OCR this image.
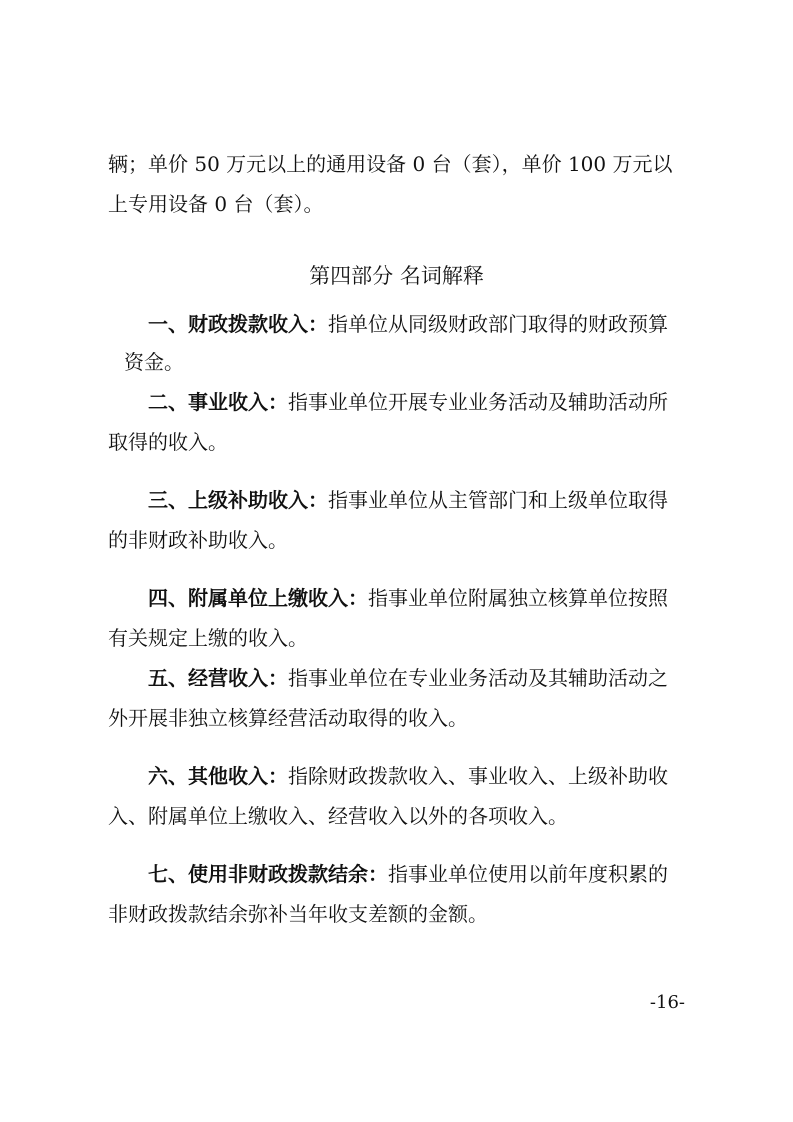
辆；单价 50 万元以上的通用设备 0 台（套），单价 100 万元以
上专用设备 0 台（套）。
第四部分 名词解释
一、财政拨款收入：指单位从同级财政部门取得的财政预算
资金。
二、事业收入：指事业单位开展专业业务活动及辅助活动所
取得的收入。
三、上级补助收入：指事业单位从主管部门和上级单位取得
的非财政补助收入。
四、附属单位上缴收入：指事业单位附属独立核算单位按照
有关规定上缴的收入。
五、经营收入：指事业单位在专业业务活动及其辅助活动之
外开展非独立核算经营活动取得的收入。
六、其他收入：指除财政拨款收入、事业收入、上级补助收
入、附属单位上缴收入、经营收入以外的各项收入。
七、使用非财政拨款结余：指事业单位使用以前年度积累的
非财政拨款结余弥补当年收支差额的金额。
-16-
